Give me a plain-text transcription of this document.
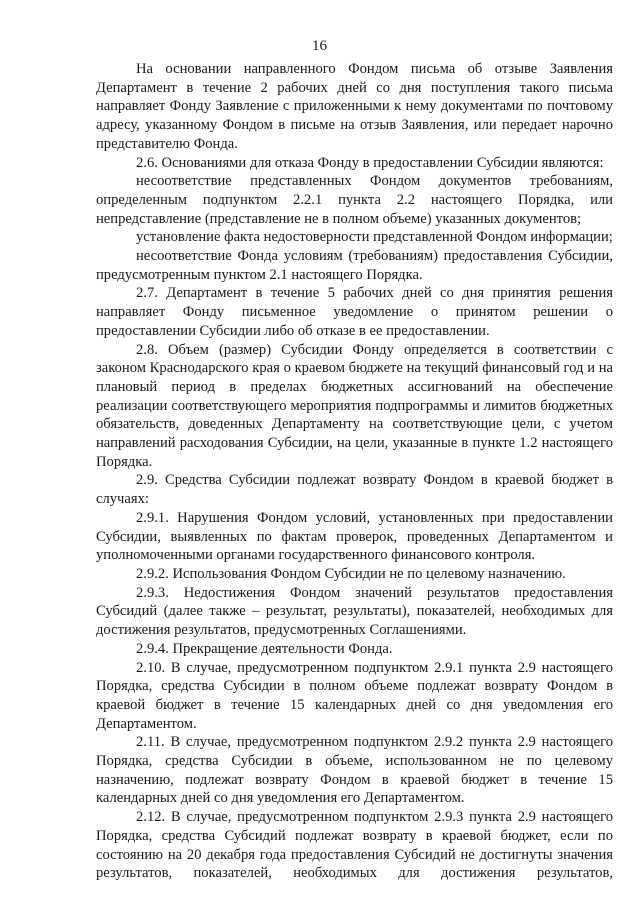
16

На основании направленного Фондом письма об отзыве Заявления Департамент в течение 2 рабочих дней со дня поступления такого письма направляет Фонду Заявление с приложенными к нему документами по почтовому адресу, указанному Фондом в письме на отзыв Заявления, или передает нарочно представителю Фонда.

2.6. Основаниями для отказа Фонду в предоставлении Субсидии являются:

несоответствие представленных Фондом документов требованиям, определенным подпунктом 2.2.1 пункта 2.2 настоящего Порядка, или непредставление (представление не в полном объеме) указанных документов;

установление факта недостоверности представленной Фондом информации;

несоответствие Фонда условиям (требованиям) предоставления Субсидии, предусмотренным пунктом 2.1 настоящего Порядка.

2.7. Департамент в течение 5 рабочих дней со дня принятия решения направляет Фонду письменное уведомление о принятом решении о предоставлении Субсидии либо об отказе в ее предоставлении.

2.8. Объем (размер) Субсидии Фонду определяется в соответствии с законом Краснодарского края о краевом бюджете на текущий финансовый год и на плановый период в пределах бюджетных ассигнований на обеспечение реализации соответствующего мероприятия подпрограммы и лимитов бюджетных обязательств, доведенных Департаменту на соответствующие цели, с учетом направлений расходования Субсидии, на цели, указанные в пункте 1.2 настоящего Порядка.

2.9. Средства Субсидии подлежат возврату Фондом в краевой бюджет в случаях:

2.9.1. Нарушения Фондом условий, установленных при предоставлении Субсидии, выявленных по фактам проверок, проведенных Департаментом и уполномоченными органами государственного финансового контроля.

2.9.2. Использования Фондом Субсидии не по целевому назначению.

2.9.3. Недостижения Фондом значений результатов предоставления Субсидий (далее также – результат, результаты), показателей, необходимых для достижения результатов, предусмотренных Соглашениями.

2.9.4. Прекращение деятельности Фонда.

2.10. В случае, предусмотренном подпунктом 2.9.1 пункта 2.9 настоящего Порядка, средства Субсидии в полном объеме подлежат возврату Фондом в краевой бюджет в течение 15 календарных дней со дня уведомления его Департаментом.

2.11. В случае, предусмотренном подпунктом 2.9.2 пункта 2.9 настоящего Порядка, средства Субсидии в объеме, использованном не по целевому назначению, подлежат возврату Фондом в краевой бюджет в течение 15 календарных дней со дня уведомления его Департаментом.

2.12. В случае, предусмотренном подпунктом 2.9.3 пункта 2.9 настоящего Порядка, средства Субсидий подлежат возврату в краевой бюджет, если по состоянию на 20 декабря года предоставления Субсидий не достигнуты значения результатов, показателей, необходимых для достижения результатов,
